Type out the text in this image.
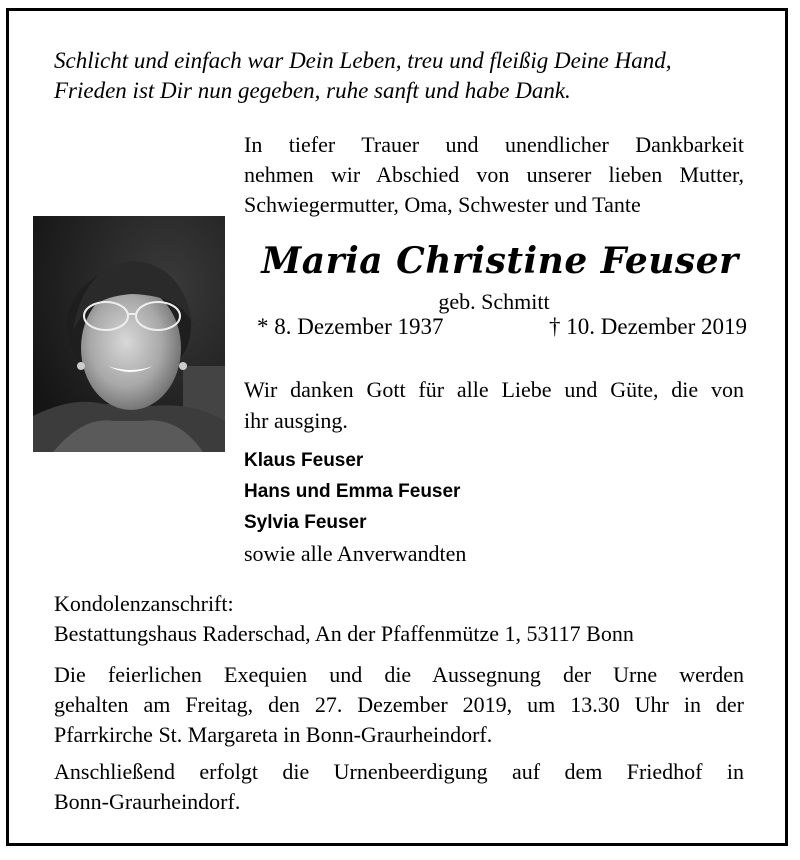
Schlicht und einfach war Dein Leben, treu und fleißig Deine Hand,
Frieden ist Dir nun gegeben, ruhe sanft und habe Dank.
In tiefer Trauer und unendlicher Dankbarkeit
nehmen wir Abschied von unserer lieben Mutter,
Schwiegermutter, Oma, Schwester und Tante
Maria Christine Feuser
geb. Schmitt
* 8. Dezember 1937	† 10. Dezember 2019
Wir danken Gott für alle Liebe und Güte, die von
ihr ausging.
Klaus Feuser
Hans und Emma Feuser
Sylvia Feuser
sowie alle Anverwandten
Kondolenzanschrift:
Bestattungshaus Raderschad, An der Pfaffenmütze 1, 53117 Bonn
Die feierlichen Exequien und die Aussegnung der Urne werden
gehalten am Freitag, den 27. Dezember 2019, um 13.30 Uhr in der
Pfarrkirche St. Margareta in Bonn-Graurheindorf.
Anschließend erfolgt die Urnenbeerdigung auf dem Friedhof in
Bonn-Graurheindorf.
